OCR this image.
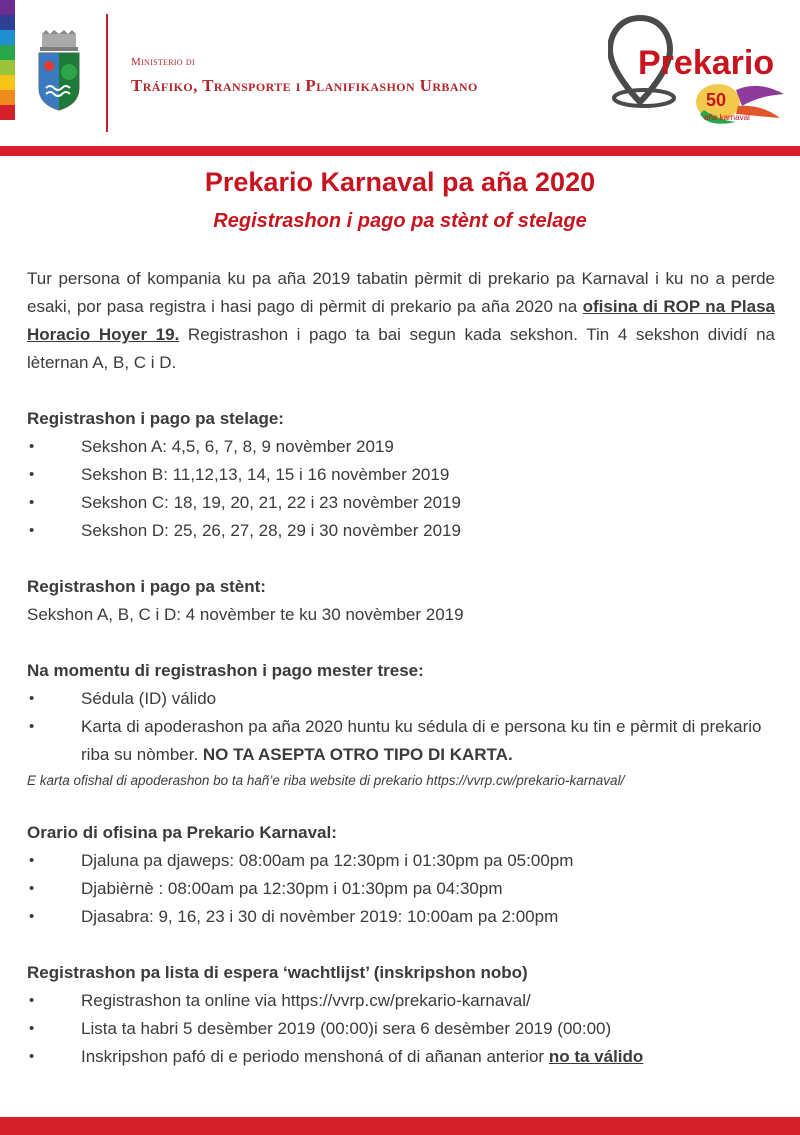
Ministerio di
Tráfiko, Transporte i Planifikashon Urbano
Prekario
50
aña karnaval
Prekario Karnaval pa aña 2020
Registrashon i pago pa stènt of stelage

Tur persona of kompania ku pa aña 2019 tabatin pèrmit di prekario pa Karnaval i ku no a perde esaki, por pasa registra i hasi pago di pèrmit di prekario pa aña 2020 na ofisina di ROP na Plasa Horacio Hoyer 19. Registrashon i pago ta bai segun kada sekshon. Tin 4 sekshon dividí na lèternan A, B, C i D.

Registrashon i pago pa stelage:

• Sekshon A: 4,5, 6, 7, 8, 9 novèmber 2019
• Sekshon B: 11,12,13, 14, 15 i 16 novèmber 2019
• Sekshon C: 18, 19, 20, 21, 22 i 23 novèmber 2019
• Sekshon D: 25, 26, 27, 28, 29 i 30 novèmber 2019

Registrashon i pago pa stènt:

Sekshon A, B, C i D: 4 novèmber te ku 30 novèmber 2019

Na momentu di registrashon i pago mester trese:

• Sédula (ID) válido
• Karta di apoderashon pa aña 2020 huntu ku sédula di e persona ku tin e pèrmit di prekario riba su nòmber. NO TA ASEPTA OTRO TIPO DI KARTA.

E karta ofishal di apoderashon bo ta hañ’e riba website di prekario https://vvrp.cw/prekario-karnaval/

Orario di ofisina pa Prekario Karnaval:

• Djaluna pa djaweps: 08:00am pa 12:30pm i 01:30pm pa 05:00pm
• Djabièrnè : 08:00am pa 12:30pm i 01:30pm pa 04:30pm
• Djasabra: 9, 16, 23 i 30 di novèmber 2019: 10:00am pa 2:00pm

Registrashon pa lista di espera ‘wachtlijst’ (inskripshon nobo)

• Registrashon ta online via https://vvrp.cw/prekario-karnaval/
• Lista ta habri 5 desèmber 2019 (00:00)i sera 6 desèmber 2019 (00:00)
• Inskripshon pafó di e periodo menshoná of di añanan anterior no ta válido
